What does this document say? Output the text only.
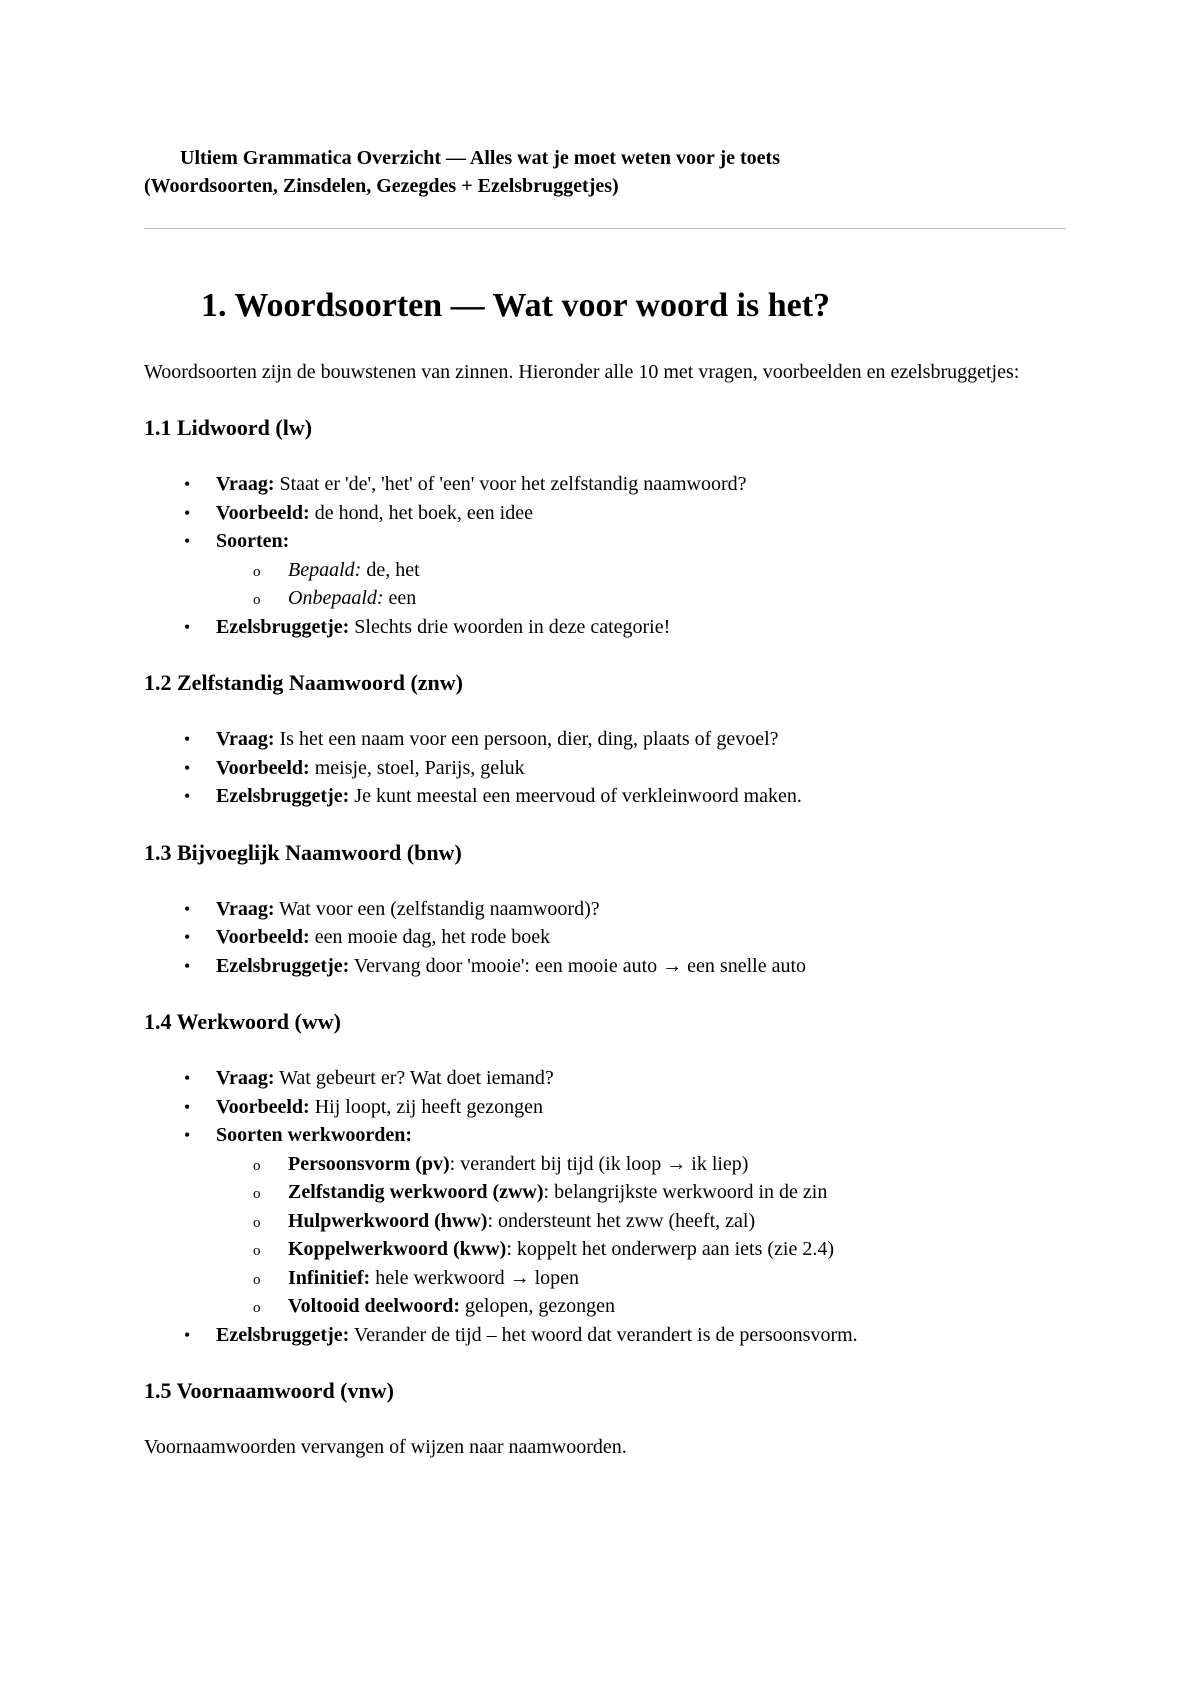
Ultiem Grammatica Overzicht — Alles wat je moet weten voor je toets
(Woordsoorten, Zinsdelen, Gezegdes + Ezelsbruggetjes)
1. Woordsoorten — Wat voor woord is het?

Woordsoorten zijn de bouwstenen van zinnen. Hieronder alle 10 met vragen, voorbeelden en ezelsbruggetjes:

1.1 Lidwoord (lw)
• Vraag: Staat er 'de', 'het' of 'een' voor het zelfstandig naamwoord?
• Voorbeeld: de hond, het boek, een idee
• Soorten:
o Bepaald: de, het
o Onbepaald: een
• Ezelsbruggetje: Slechts drie woorden in deze categorie!
1.2 Zelfstandig Naamwoord (znw)
• Vraag: Is het een naam voor een persoon, dier, ding, plaats of gevoel?
• Voorbeeld: meisje, stoel, Parijs, geluk
• Ezelsbruggetje: Je kunt meestal een meervoud of verkleinwoord maken.
1.3 Bijvoeglijk Naamwoord (bnw)
• Vraag: Wat voor een (zelfstandig naamwoord)?
• Voorbeeld: een mooie dag, het rode boek
• Ezelsbruggetje: Vervang door 'mooie': een mooie auto → een snelle auto
1.4 Werkwoord (ww)
• Vraag: Wat gebeurt er? Wat doet iemand?
• Voorbeeld: Hij loopt, zij heeft gezongen
• Soorten werkwoorden:
o Persoonsvorm (pv): verandert bij tijd (ik loop → ik liep)
o Zelfstandig werkwoord (zww): belangrijkste werkwoord in de zin
o Hulpwerkwoord (hww): ondersteunt het zww (heeft, zal)
o Koppelwerkwoord (kww): koppelt het onderwerp aan iets (zie 2.4)
o Infinitief: hele werkwoord → lopen
o Voltooid deelwoord: gelopen, gezongen
• Ezelsbruggetje: Verander de tijd – het woord dat verandert is de persoonsvorm.
1.5 Voornaamwoord (vnw)

Voornaamwoorden vervangen of wijzen naar naamwoorden.
